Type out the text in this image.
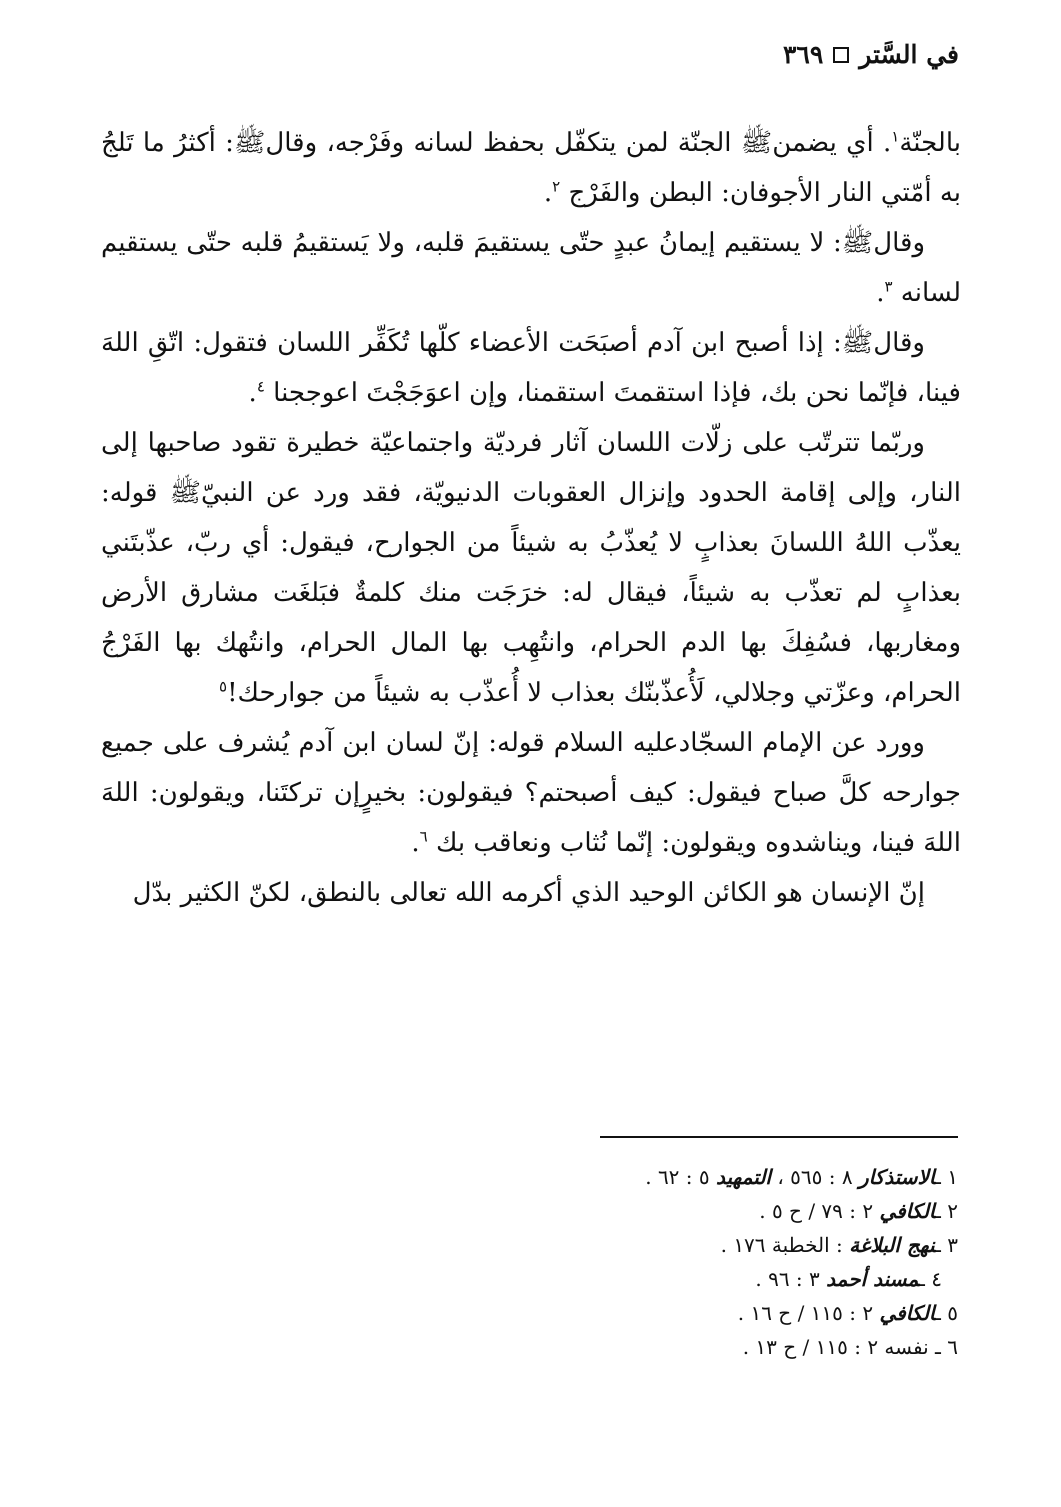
في السَّتر
٣٦٩

بالجنّة$^١$. أي يضمنﷺ الجنّة لمن يتكفّل بحفظ لسانه وفَرْجه، وقالﷺ: أكثرُ ما تَلجُ به أمّتي النار الأجوفان: البطن والفَرْج $^٢$.

وقالﷺ: لا يستقيم إيمانُ عبدٍ حتّى يستقيمَ قلبه، ولا يَستقيمُ قلبه حتّى يستقيم لسانه $^٣$.

وقالﷺ: إذا أصبح ابن آدم أصبَحَت الأعضاء كلّها تُكَفِّر اللسان فتقول: اتّقِ اللهَ فينا، فإنّما نحن بك، فإذا استقمتَ استقمنا، وإن اعوَجَجْتَ اعوججنا $^٤$.

وربّما تترتّب على زلّات اللسان آثار فرديّة واجتماعيّة خطيرة تقود صاحبها إلى النار، وإلى إقامة الحدود وإنزال العقوبات الدنيويّة، فقد ورد عن النبيّﷺ قوله: يعذّب اللهُ اللسانَ بعذابٍ لا يُعذّبُ به شيئاً من الجوارح، فيقول: أي ربّ، عذّبتَني بعذابٍ لم تعذّب به شيئاً، فيقال له: خرَجَت منك كلمةٌ فبَلغَت مشارق الأرض ومغاربها، فسُفِكَ بها الدم الحرام، وانتُهِب بها المال الحرام، وانتُهك بها الفَرْجُ الحرام، وعزّتي وجلالي، لَأُعذّبنّك بعذاب لا أُعذّب به شيئاً من جوارحك!$^٥$

وورد عن الإمام السجّادعليه السلام قوله: إنّ لسان ابن آدم يُشرف على جميع جوارحه كلَّ صباح فيقول: كيف أصبحتم؟ فيقولون: بخيرٍإن تركتَنا، ويقولون: اللهَ اللهَ فينا، ويناشدوه ويقولون: إنّما نُثاب ونعاقب بك $^٦$.

إنّ الإنسان هو الكائن الوحيد الذي أكرمه الله تعالى بالنطق، لكنّ الكثير بدّل

١ ـالاستذكار ٨ : ٥٦٥ ، التمهيد ٥ : ٦٢ .
٢ ـالكافي ٢ : ٧٩ / ح ٥ .
٣ ـنهج البلاغة : الخطبة ١٧٦ .
٤ ـمسند أحمد ٣ : ٩٦ .
٥ ـالكافي ٢ : ١١٥ / ح ١٦ .
٦ ـ نفسه ٢ : ١١٥ / ح ١٣ .
